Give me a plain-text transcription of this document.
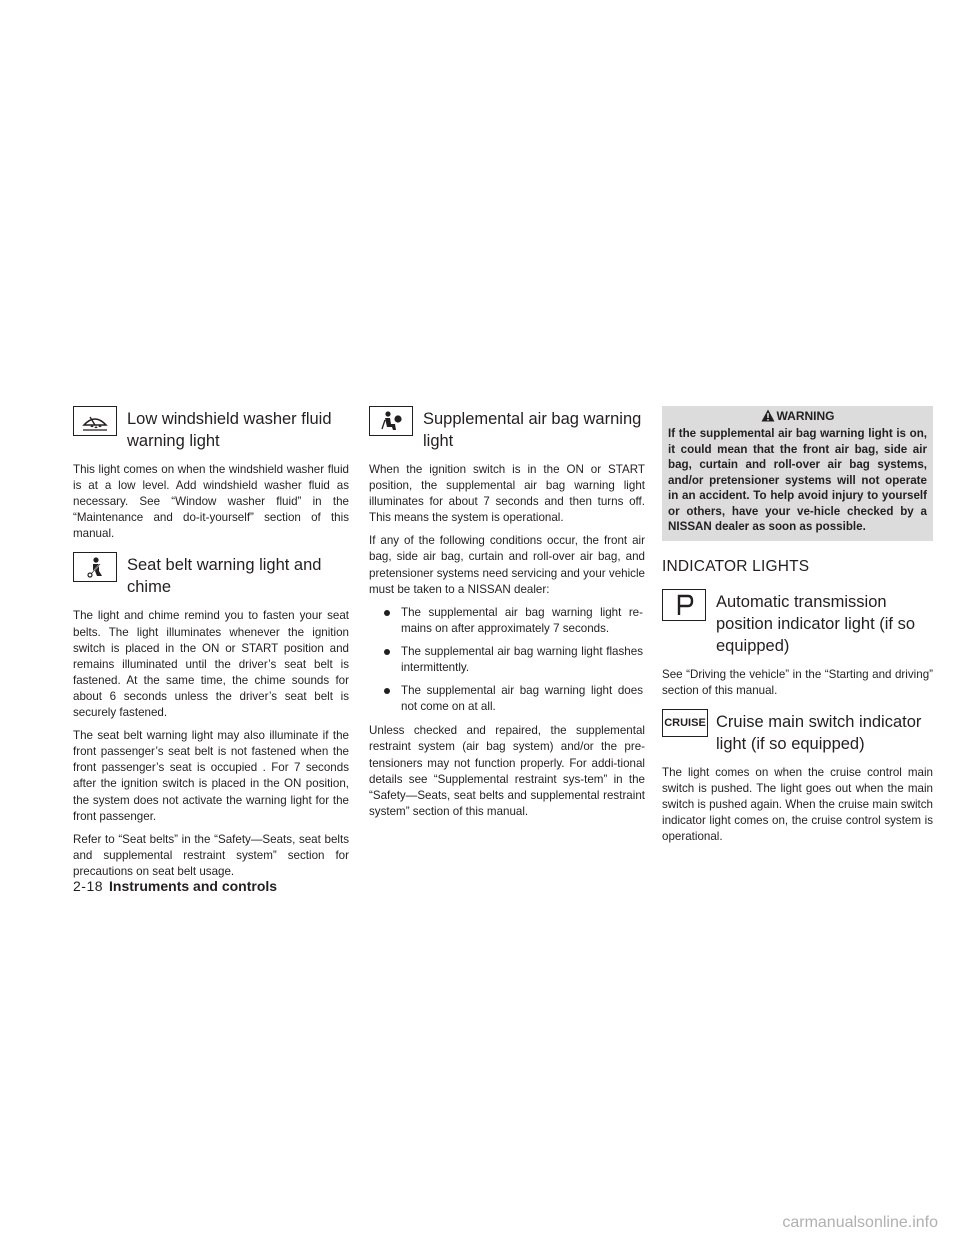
Low windshield washer fluid warning light

This light comes on when the windshield washer fluid is at a low level. Add windshield washer fluid as necessary. See “Window washer fluid” in the “Maintenance and do-it-yourself” section of this manual.

Seat belt warning light and chime

The light and chime remind you to fasten your seat belts. The light illuminates whenever the ignition switch is placed in the ON or START position and remains illuminated until the driver’s seat belt is fastened. At the same time, the chime sounds for about 6 seconds unless the driver’s seat belt is securely fastened.

The seat belt warning light may also illuminate if the front passenger’s seat belt is not fastened when the front passenger’s seat is occupied . For 7 seconds after the ignition switch is placed in the ON position, the system does not activate the warning light for the front passenger.

Refer to “Seat belts” in the “Safety—Seats, seat belts and supplemental restraint system” section for precautions on seat belt usage.

Supplemental air bag warning light

When the ignition switch is in the ON or START position, the supplemental air bag warning light illuminates for about 7 seconds and then turns off. This means the system is operational.

If any of the following conditions occur, the front air bag, side air bag, curtain and roll-over air bag, and pretensioner systems need servicing and your vehicle must be taken to a NISSAN dealer:

The supplemental air bag warning light re-mains on after approximately 7 seconds.
The supplemental air bag warning light flashes intermittently.
The supplemental air bag warning light does not come on at all.

Unless checked and repaired, the supplemental restraint system (air bag system) and/or the pre-tensioners may not function properly. For addi-tional details see “Supplemental restraint sys-tem” in the “Safety—Seats, seat belts and supplemental restraint system” section of this manual.

WARNING
If the supplemental air bag warning light is on, it could mean that the front air bag, side air bag, curtain and roll-over air bag systems, and/or pretensioner systems will not operate in an accident. To help avoid injury to yourself or others, have your ve-hicle checked by a NISSAN dealer as soon as possible.
INDICATOR LIGHTS
Automatic transmission position indicator light (if so equipped)

See “Driving the vehicle” in the “Starting and driving” section of this manual.

CRUISE Cruise main switch indicator light (if so equipped)

The light comes on when the cruise control main switch is pushed. The light goes out when the main switch is pushed again. When the cruise main switch indicator light comes on, the cruise control system is operational.

2-18 Instruments and controls
carmanualsonline.info
